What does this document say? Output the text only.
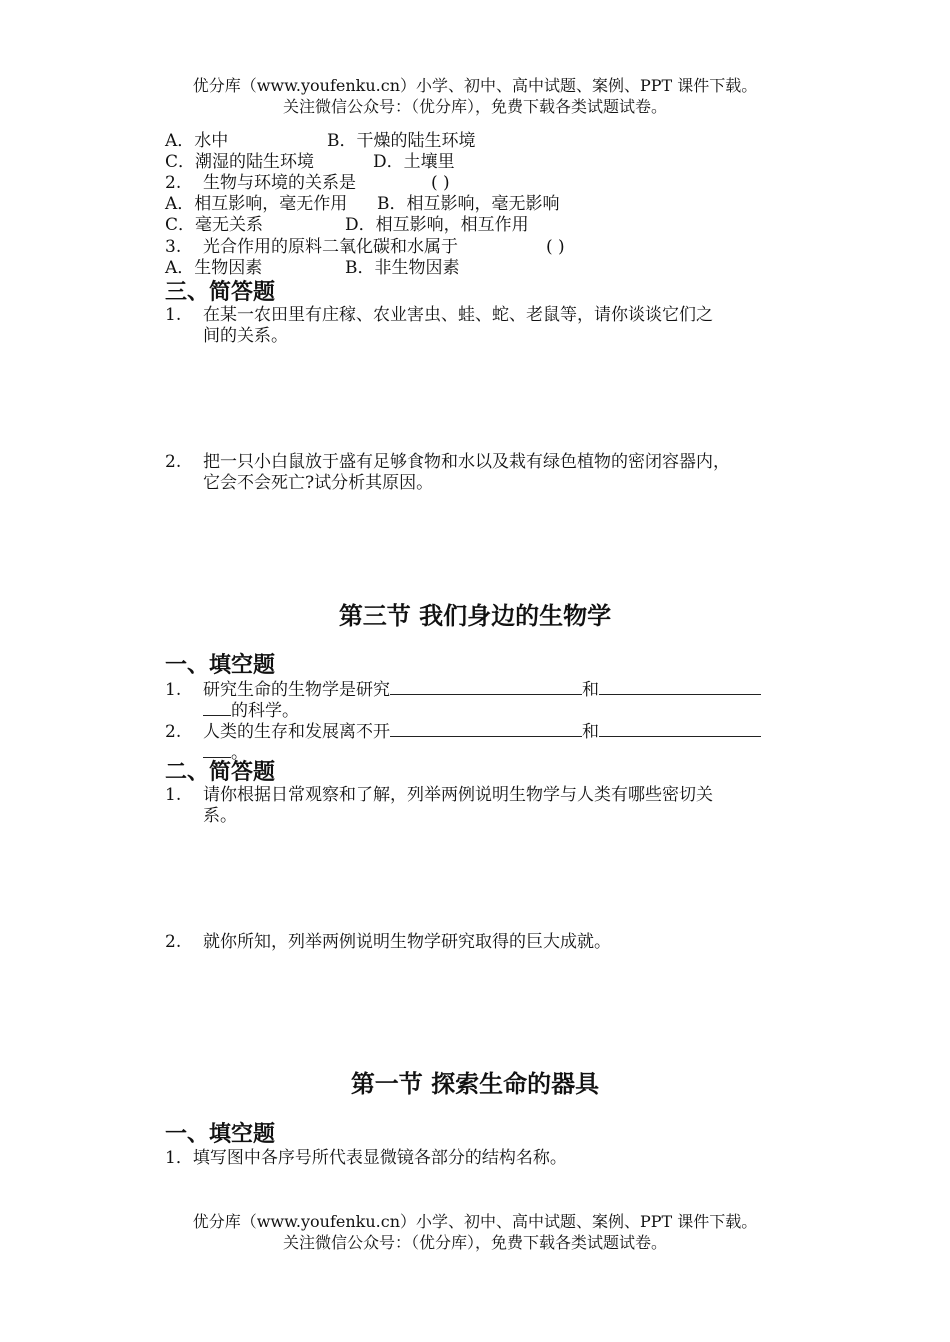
优分库（www.youfenku.cn）小学、初中、高中试题、案例、PPT 课件下载。
关注微信公众号：（优分库），免费下载各类试题试卷。
A．水中	B．干燥的陆生环境
C．潮湿的陆生环境	D．土壤里
2. 生物与环境的关系是	( )
A．相互影响，毫无作用 B．相互影响，毫无影响
C．毫无关系	D．相互影响，相互作用
3. 光合作用的原料二氧化碳和水属于	( )
A．生物因素	B．非生物因素
三、简答题
1. 在某一农田里有庄稼、农业害虫、蛙、蛇、老鼠等，请你谈谈它们之
间的关系。
2. 把一只小白鼠放于盛有足够食物和水以及栽有绿色植物的密闭容器内，
它会不会死亡?试分析其原因。
第三节 我们身边的生物学
一、填空题
1. 研究生命的生物学是研究	和
的科学。
2. 人类的生存和发展离不开	和
。
二、简答题
1. 请你根据日常观察和了解，列举两例说明生物学与人类有哪些密切关
系。
2. 就你所知，列举两例说明生物学研究取得的巨大成就。
第一节 探索生命的器具
一、填空题
1．填写图中各序号所代表显微镜各部分的结构名称。
优分库（www.youfenku.cn）小学、初中、高中试题、案例、PPT 课件下载。
关注微信公众号：（优分库），免费下载各类试题试卷。
